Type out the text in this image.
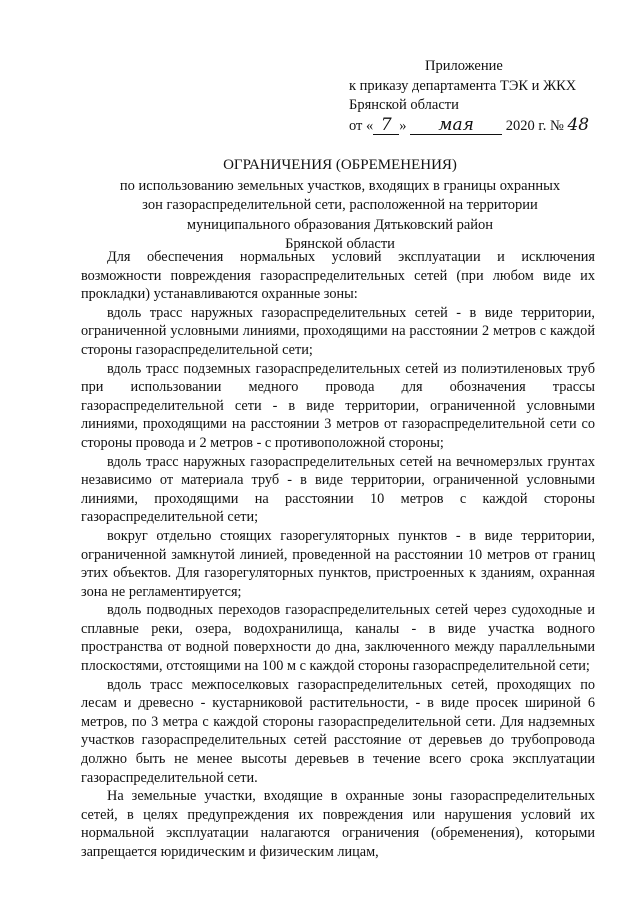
Приложение
к приказу департамента ТЭК и ЖКХ
Брянской области
от « 7 » мая 2020 г. № 48
ОГРАНИЧЕНИЯ (ОБРЕМЕНЕНИЯ)
по использованию земельных участков, входящих в границы охранных
зон газораспределительной сети, расположенной на территории
муниципального образования Дятьковский район
Брянской области

Для обеспечения нормальных условий эксплуатации и исключения возможности повреждения газораспределительных сетей (при любом виде их прокладки) устанавливаются охранные зоны:

вдоль трасс наружных газораспределительных сетей - в виде территории, ограниченной условными линиями, проходящими на расстоянии 2 метров с каждой стороны газораспределительной сети;

вдоль трасс подземных газораспределительных сетей из полиэтиленовых труб при использовании медного провода для обозначения трассы газораспределительной сети - в виде территории, ограниченной условными линиями, проходящими на расстоянии 3 метров от газораспределительной сети со стороны провода и 2 метров - с противоположной стороны;

вдоль трасс наружных газораспределительных сетей на вечномерзлых грунтах независимо от материала труб - в виде территории, ограниченной условными линиями, проходящими на расстоянии 10 метров с каждой стороны газораспределительной сети;

вокруг отдельно стоящих газорегуляторных пунктов - в виде территории, ограниченной замкнутой линией, проведенной на расстоянии 10 метров от границ этих объектов. Для газорегуляторных пунктов, пристроенных к зданиям, охранная зона не регламентируется;

вдоль подводных переходов газораспределительных сетей через судоходные и сплавные реки, озера, водохранилища, каналы - в виде участка водного пространства от водной поверхности до дна, заключенного между параллельными плоскостями, отстоящими на 100 м с каждой стороны газораспределительной сети;

вдоль трасс межпоселковых газораспределительных сетей, проходящих по лесам и древесно - кустарниковой растительности, - в виде просек шириной 6 метров, по 3 метра с каждой стороны газораспределительной сети. Для надземных участков газораспределительных сетей расстояние от деревьев до трубопровода должно быть не менее высоты деревьев в течение всего срока эксплуатации газораспределительной сети.

На земельные участки, входящие в охранные зоны газораспределительных сетей, в целях предупреждения их повреждения или нарушения условий их нормальной эксплуатации налагаются ограничения (обременения), которыми запрещается юридическим и физическим лицам,
